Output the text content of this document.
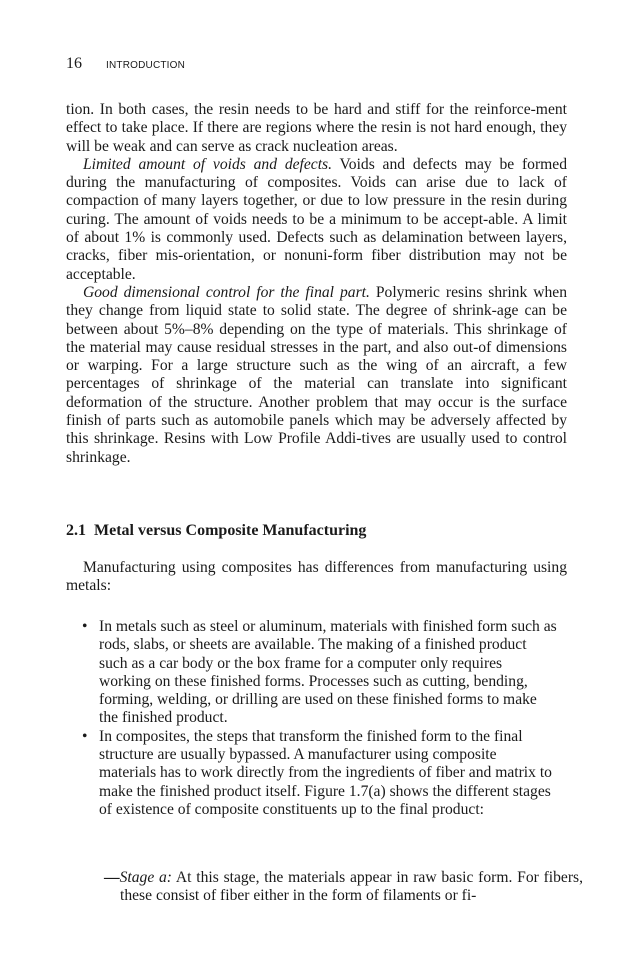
16 INTRODUCTION

tion. In both cases, the resin needs to be hard and stiff for the reinforce-ment effect to take place. If there are regions where the resin is not hard enough, they will be weak and can serve as crack nucleation areas.

Limited amount of voids and defects. Voids and defects may be formed during the manufacturing of composites. Voids can arise due to lack of compaction of many layers together, or due to low pressure in the resin during curing. The amount of voids needs to be a minimum to be accept-able. A limit of about 1% is commonly used. Defects such as delamination between layers, cracks, fiber mis-orientation, or nonuni-form fiber distribution may not be acceptable.

Good dimensional control for the final part. Polymeric resins shrink when they change from liquid state to solid state. The degree of shrink-age can be between about 5%–8% depending on the type of materials. This shrinkage of the material may cause residual stresses in the part, and also out-of dimensions or warping. For a large structure such as the wing of an aircraft, a few percentages of shrinkage of the material can translate into significant deformation of the structure. Another problem that may occur is the surface finish of parts such as automobile panels which may be adversely affected by this shrinkage. Resins with Low Profile Addi-tives are usually used to control shrinkage.

2.1 Metal versus Composite Manufacturing

Manufacturing using composites has differences from manufacturing using metals:

• In metals such as steel or aluminum, materials with finished form such as rods, slabs, or sheets are available. The making of a finished product such as a car body or the box frame for a computer only requires working on these finished forms. Processes such as cutting, bending, forming, welding, or drilling are used on these finished forms to make the finished product.
• In composites, the steps that transform the finished form to the final structure are usually bypassed. A manufacturer using composite materials has to work directly from the ingredients of fiber and matrix to make the finished product itself. Figure 1.7(a) shows the different stages of existence of composite constituents up to the final product:

—Stage a: At this stage, the materials appear in raw basic form. For fibers, these consist of fiber either in the form of filaments or fi-
